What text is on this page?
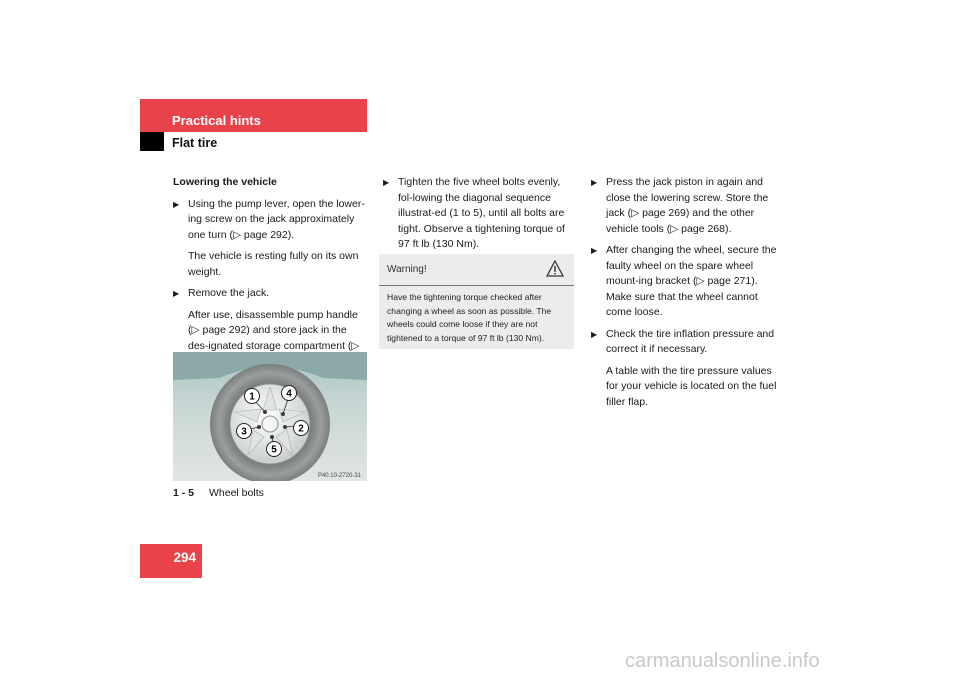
Practical hints
Flat tire
Lowering the vehicle
▶ Using the pump lever, open the lower-ing screw on the jack approximately one turn (▷ page 292).
The vehicle is resting fully on its own weight.
▶ Remove the jack.
After use, disassemble pump handle (▷ page 292) and store jack in the des-ignated storage compartment (▷
1	4
2
3
5
P40.10-2720-31
1 - 5 Wheel bolts
▶ Tighten the five wheel bolts evenly, fol-lowing the diagonal sequence illustrat-ed (1 to 5), until all bolts are tight. Observe a tightening torque of 97 ft lb (130 Nm).
Warning!
Have the tightening torque checked after changing a wheel as soon as possible. The wheels could come loose if they are not tightened to a torque of 97 ft lb (130 Nm).
▶ Press the jack piston in again and close the lowering screw. Store the jack (▷ page 269) and the other vehicle tools (▷ page 268).
▶ After changing the wheel, secure the faulty wheel on the spare wheel mount-ing bracket (▷ page 271). Make sure that the wheel cannot come loose.
▶ Check the tire inflation pressure and correct it if necessary.
A table with the tire pressure values for your vehicle is located on the fuel filler flap.
294
carmanualsonline.info
